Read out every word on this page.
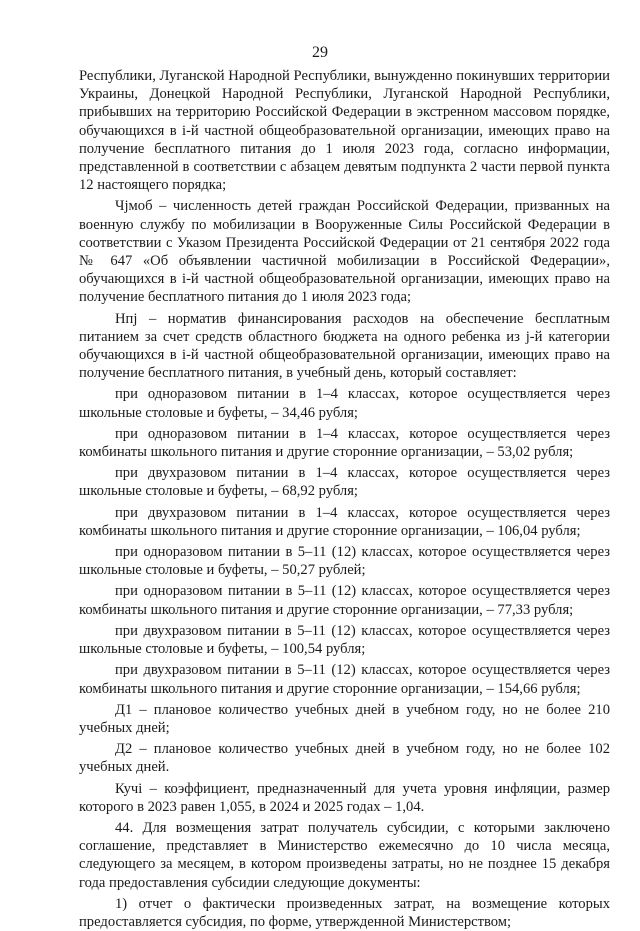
29

Республики, Луганской Народной Республики, вынужденно покинувших территории Украины, Донецкой Народной Республики, Луганской Народной Республики, прибывших на территорию Российской Федерации в экстренном массовом порядке, обучающихся в i-й частной общеобразовательной организации, имеющих право на получение бесплатного питания до 1 июля 2023 года, согласно информации, представленной в соответствии с абзацем девятым подпункта 2 части первой пункта 12 настоящего порядка;

Чjмоб – численность детей граждан Российской Федерации, призванных на военную службу по мобилизации в Вооруженные Силы Российской Федерации в соответствии с Указом Президента Российской Федерации от 21 сентября 2022 года № 647 «Об объявлении частичной мобилизации в Российской Федерации», обучающихся в i-й частной общеобразовательной организации, имеющих право на получение бесплатного питания до 1 июля 2023 года;

Нпj – норматив финансирования расходов на обеспечение бесплатным питанием за счет средств областного бюджета на одного ребенка из j-й категории обучающихся в i-й частной общеобразовательной организации, имеющих право на получение бесплатного питания, в учебный день, который составляет:

при одноразовом питании в 1–4 классах, которое осуществляется через школьные столовые и буфеты, – 34,46 рубля;

при одноразовом питании в 1–4 классах, которое осуществляется через комбинаты школьного питания и другие сторонние организации, – 53,02 рубля;

при двухразовом питании в 1–4 классах, которое осуществляется через школьные столовые и буфеты, – 68,92 рубля;

при двухразовом питании в 1–4 классах, которое осуществляется через комбинаты школьного питания и другие сторонние организации, – 106,04 рубля;

при одноразовом питании в 5–11 (12) классах, которое осуществляется через школьные столовые и буфеты, – 50,27 рублей;

при одноразовом питании в 5–11 (12) классах, которое осуществляется через комбинаты школьного питания и другие сторонние организации, – 77,33 рубля;

при двухразовом питании в 5–11 (12) классах, которое осуществляется через школьные столовые и буфеты, – 100,54 рубля;

при двухразовом питании в 5–11 (12) классах, которое осуществляется через комбинаты школьного питания и другие сторонние организации, – 154,66 рубля;

Д1 – плановое количество учебных дней в учебном году, но не более 210 учебных дней;

Д2 – плановое количество учебных дней в учебном году, но не более 102 учебных дней.

Кучi – коэффициент, предназначенный для учета уровня инфляции, размер которого в 2023 равен 1,055, в 2024 и 2025 годах – 1,04.

44. Для возмещения затрат получатель субсидии, с которыми заключено соглашение, представляет в Министерство ежемесячно до 10 числа месяца, следующего за месяцем, в котором произведены затраты, но не позднее 15 декабря года предоставления субсидии следующие документы:

1) отчет о фактически произведенных затрат, на возмещение которых предоставляется субсидия, по форме, утвержденной Министерством;
